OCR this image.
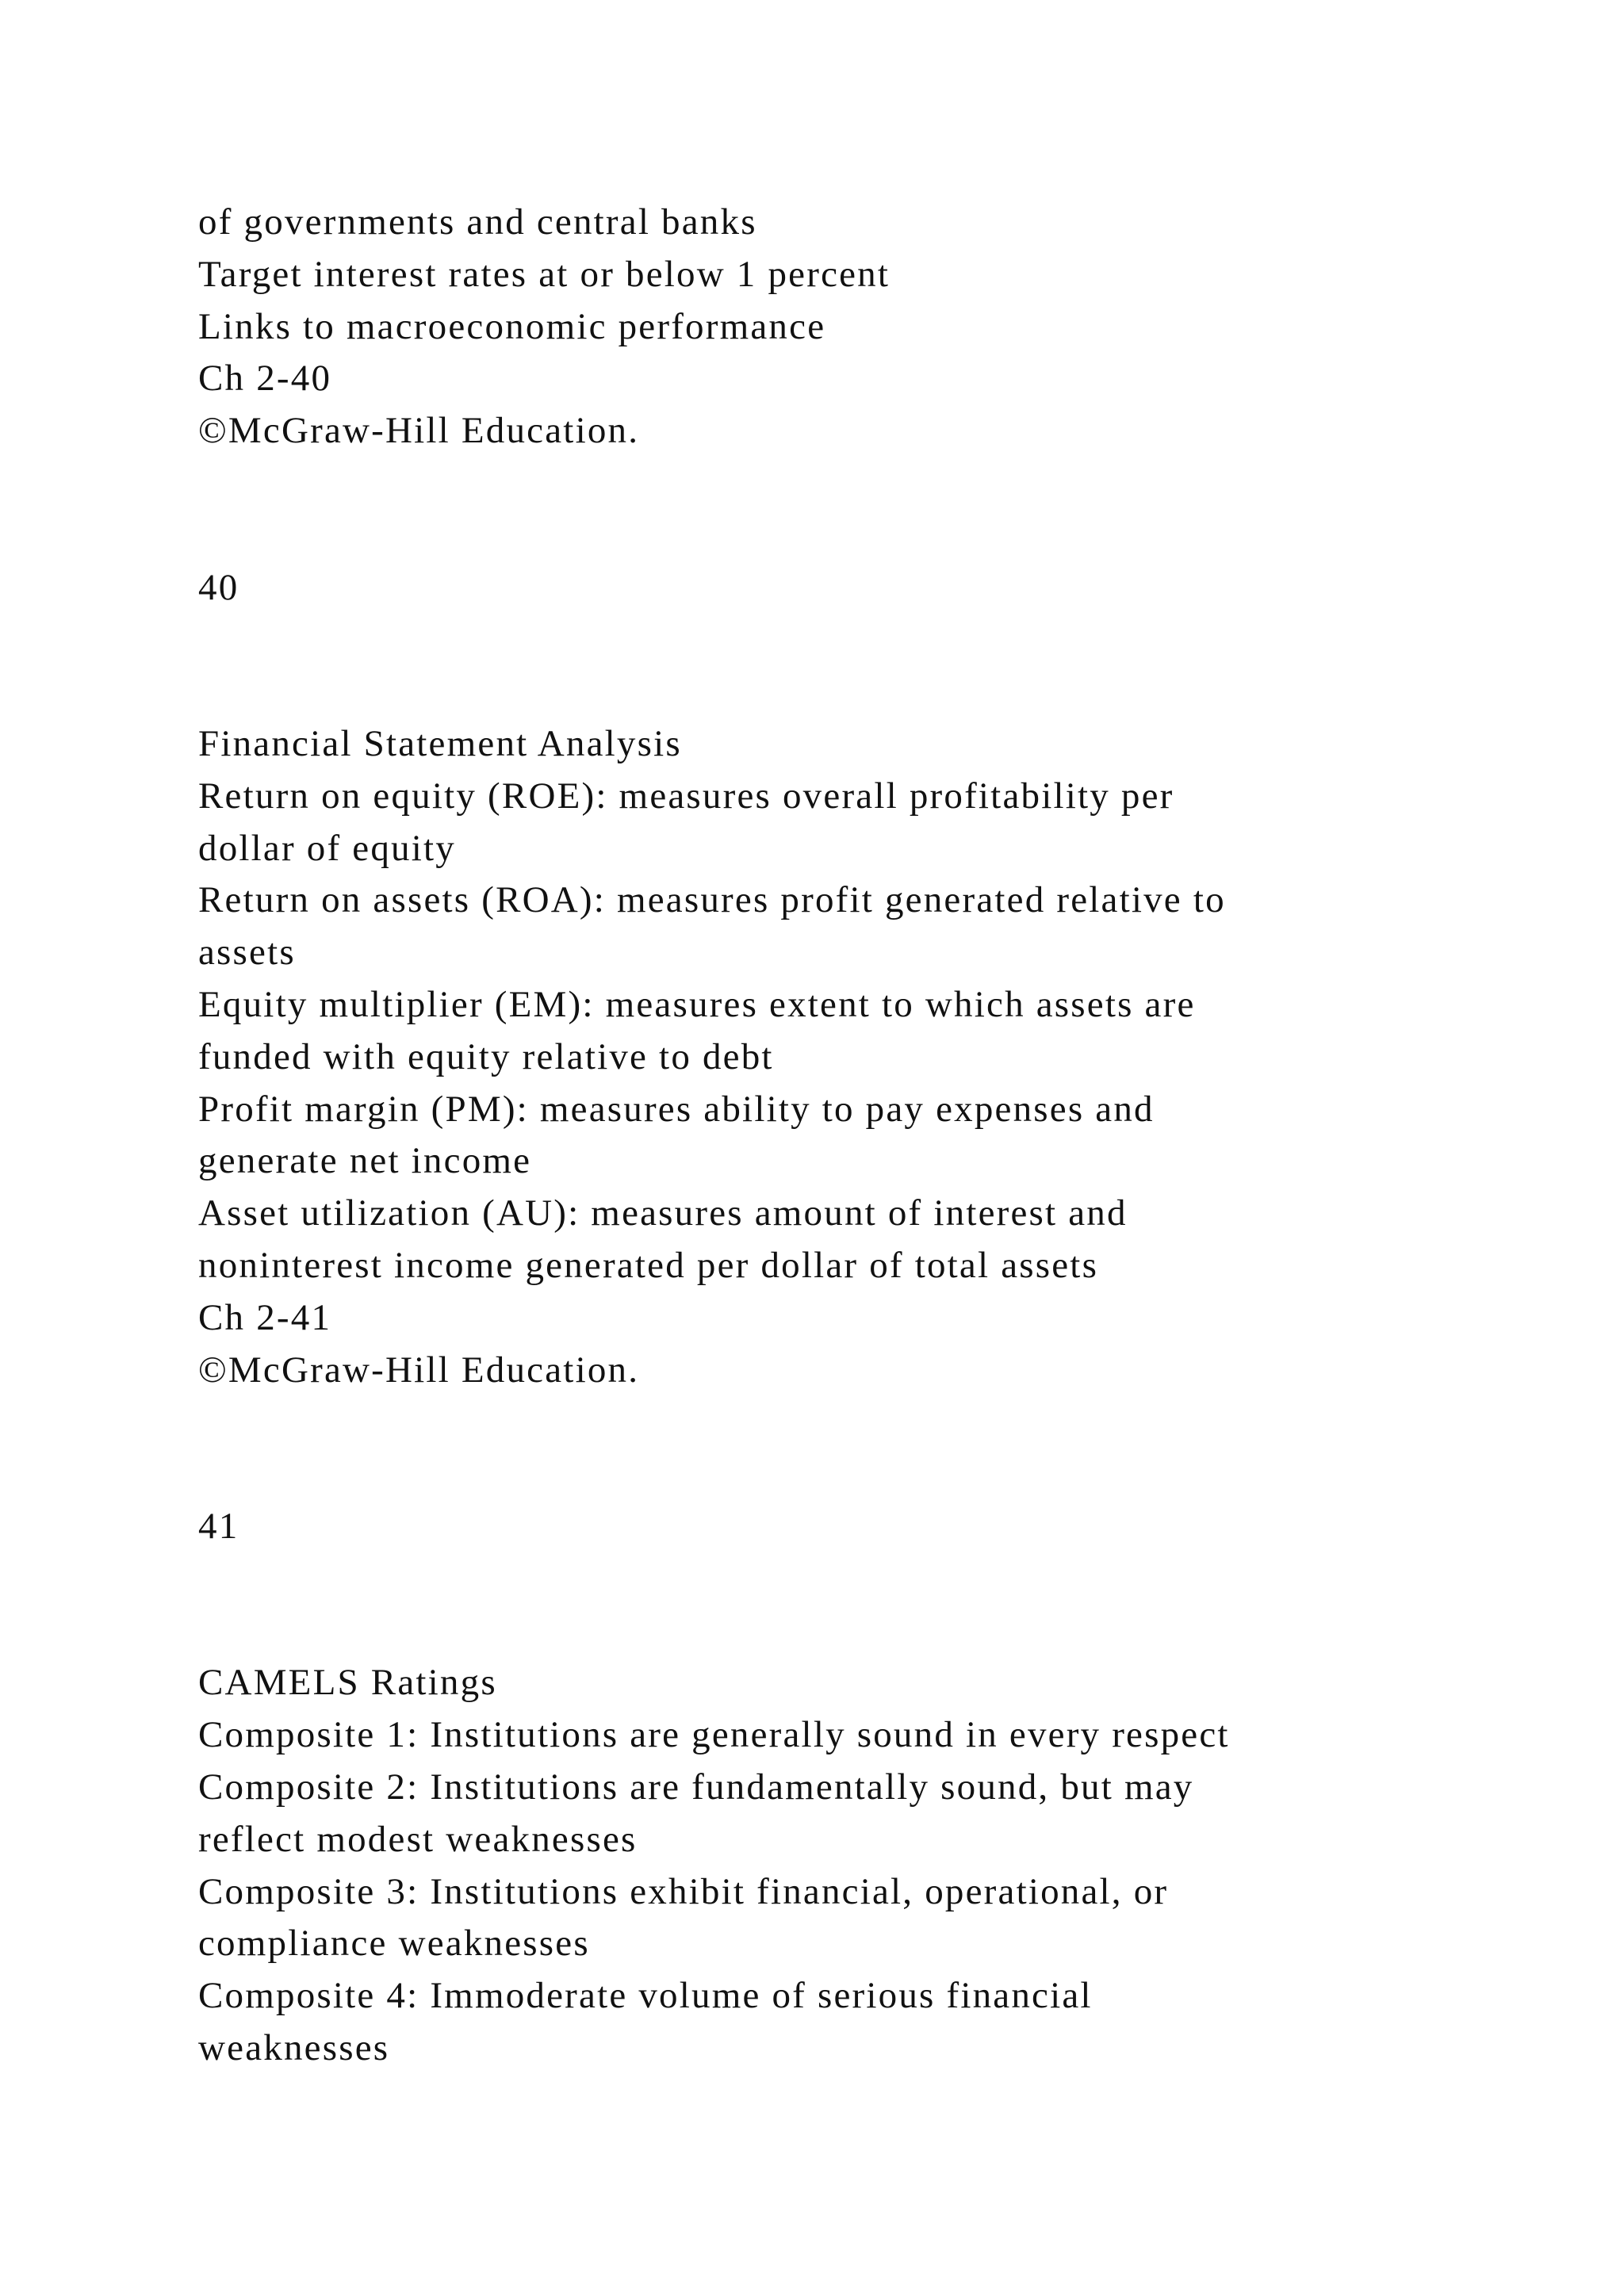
of governments and central banks
Target interest rates at or below 1 percent
Links to macroeconomic performance
Ch 2-40
©McGraw-Hill Education.
40
Financial Statement Analysis
Return on equity (ROE): measures overall profitability per
dollar of equity
Return on assets (ROA): measures profit generated relative to
assets
Equity multiplier (EM): measures extent to which assets are
funded with equity relative to debt
Profit margin (PM): measures ability to pay expenses and
generate net income
Asset utilization (AU): measures amount of interest and
noninterest income generated per dollar of total assets
Ch 2-41
©McGraw-Hill Education.
41
CAMELS Ratings
Composite 1: Institutions are generally sound in every respect
Composite 2: Institutions are fundamentally sound, but may
reflect modest weaknesses
Composite 3: Institutions exhibit financial, operational, or
compliance weaknesses
Composite 4: Immoderate volume of serious financial
weaknesses
